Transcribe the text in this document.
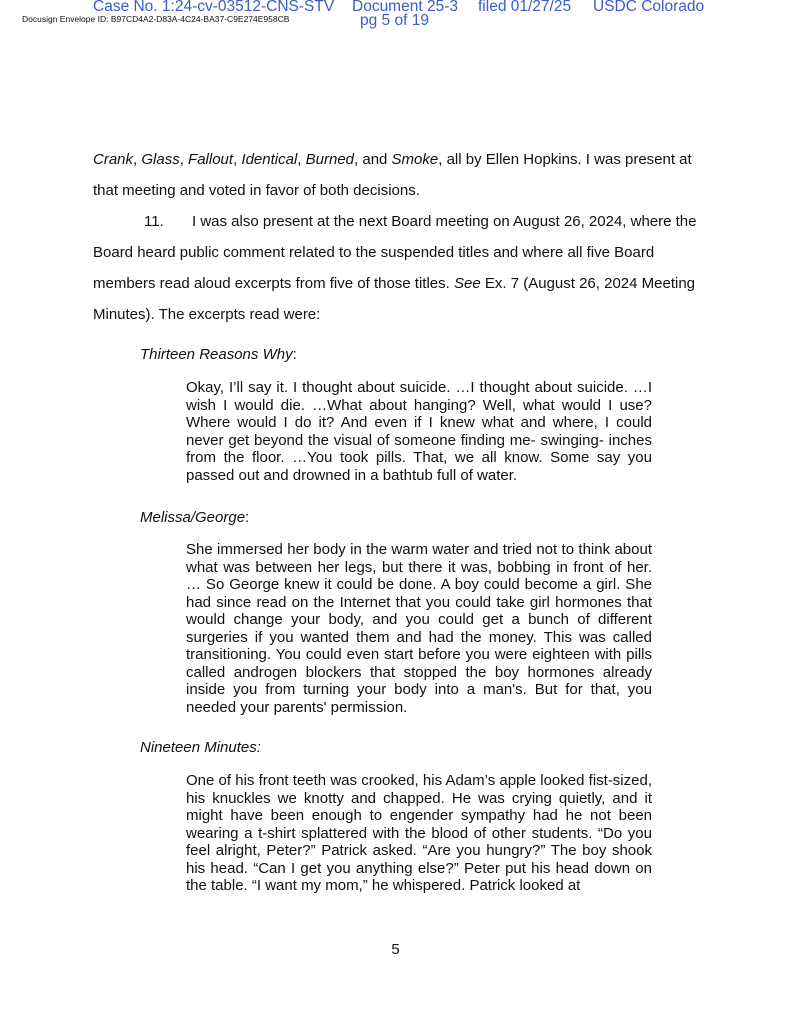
Case No. 1:24-cv-03512-CNS-STV Document 25-3 filed 01/27/25 USDC Colorado
pg 5 of 19
Docusign Envelope ID: B97CD4A2-D83A-4C24-BA37-C9E274E958CB
Crank, Glass, Fallout, Identical, Burned, and Smoke, all by Ellen Hopkins. I was present at that meeting and voted in favor of both decisions.
11. I was also present at the next Board meeting on August 26, 2024, where the Board heard public comment related to the suspended titles and where all five Board members read aloud excerpts from five of those titles. See Ex. 7 (August 26, 2024 Meeting Minutes). The excerpts read were:
Thirteen Reasons Why:
Okay, I’ll say it. I thought about suicide. …I thought about suicide. …I wish I would die. …What about hanging? Well, what would I use? Where would I do it? And even if I knew what and where, I could never get beyond the visual of someone finding me- swinging- inches from the floor. …You took pills. That, we all know. Some say you passed out and drowned in a bathtub full of water.
Melissa/George:
She immersed her body in the warm water and tried not to think about what was between her legs, but there it was, bobbing in front of her. … So George knew it could be done. A boy could become a girl. She had since read on the Internet that you could take girl hormones that would change your body, and you could get a bunch of different surgeries if you wanted them and had the money. This was called transitioning. You could even start before you were eighteen with pills called androgen blockers that stopped the boy hormones already inside you from turning your body into a man's. But for that, you needed your parents' permission.
Nineteen Minutes:
One of his front teeth was crooked, his Adam’s apple looked fist-sized, his knuckles we knotty and chapped. He was crying quietly, and it might have been enough to engender sympathy had he not been wearing a t-shirt splattered with the blood of other students. “Do you feel alright, Peter?” Patrick asked. “Are you hungry?” The boy shook his head. “Can I get you anything else?” Peter put his head down on the table. “I want my mom,” he whispered. Patrick looked at
5
